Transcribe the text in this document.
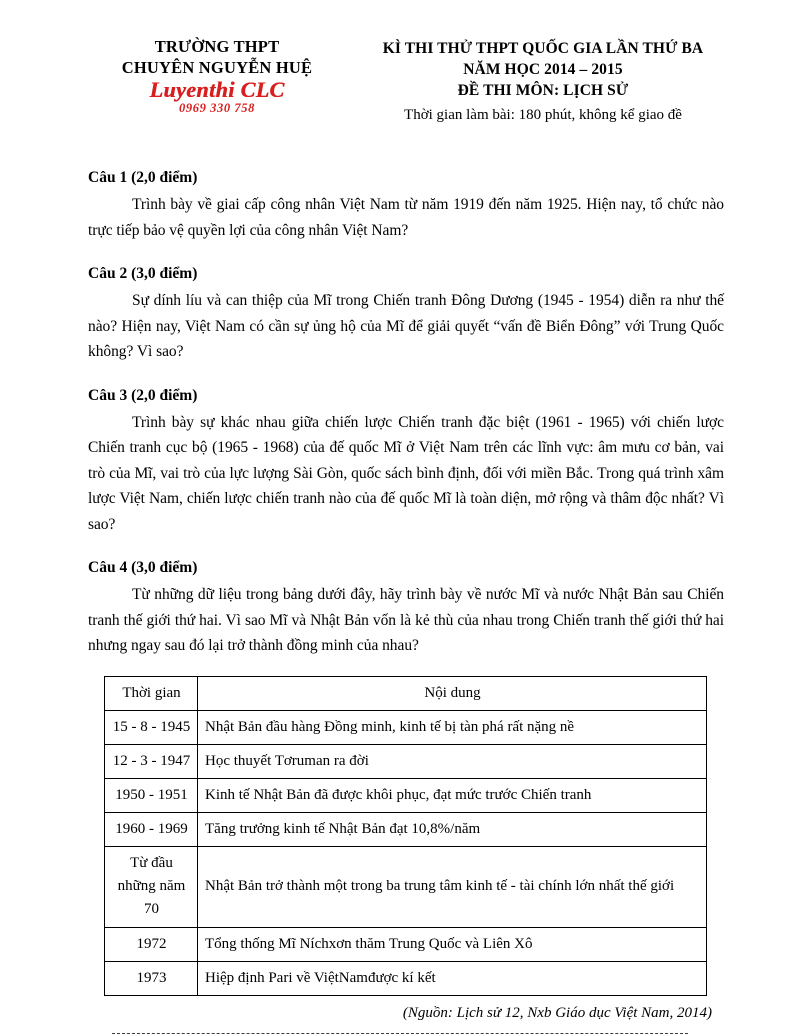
TRƯỜNG THPT
CHUYÊN NGUYỄN HUỆ
Luyenthi CLC
0969 330 758
KÌ THI THỬ THPT QUỐC GIA LẦN THỨ BA
NĂM HỌC 2014 – 2015
ĐỀ THI MÔN: LỊCH SỬ
Thời gian làm bài: 180 phút, không kể giao đề
Câu 1 (2,0 điểm)
Trình bày về giai cấp công nhân Việt Nam từ năm 1919 đến năm 1925. Hiện nay, tổ chức nào trực tiếp bảo vệ quyền lợi của công nhân Việt Nam?
Câu 2 (3,0 điểm)
Sự dính líu và can thiệp của Mĩ trong Chiến tranh Đông Dương (1945 - 1954) diễn ra như thế nào? Hiện nay, Việt Nam có cần sự ủng hộ của Mĩ để giải quyết “vấn đề Biển Đông” với Trung Quốc không? Vì sao?
Câu 3 (2,0 điểm)
Trình bày sự khác nhau giữa chiến lược Chiến tranh đặc biệt (1961 - 1965) với chiến lược Chiến tranh cục bộ (1965 - 1968) của đế quốc Mĩ ở Việt Nam trên các lĩnh vực: âm mưu cơ bản, vai trò của Mĩ, vai trò của lực lượng Sài Gòn, quốc sách bình định, đối với miền Bắc. Trong quá trình xâm lược Việt Nam, chiến lược chiến tranh nào của đế quốc Mĩ là toàn diện, mở rộng và thâm độc nhất? Vì sao?
Câu 4 (3,0 điểm)
Từ những dữ liệu trong bảng dưới đây, hãy trình bày về nước Mĩ và nước Nhật Bản sau Chiến tranh thế giới thứ hai. Vì sao Mĩ và Nhật Bản vốn là kẻ thù của nhau trong Chiến tranh thế giới thứ hai nhưng ngay sau đó lại trở thành đồng minh của nhau?
Thời gian	Nội dung
15 - 8 - 1945	Nhật Bản đầu hàng Đồng minh, kinh tế bị tàn phá rất nặng nề
12 - 3 - 1947	Học thuyết Tơruman ra đời
1950 - 1951	Kinh tế Nhật Bản đã được khôi phục, đạt mức trước Chiến tranh
1960 - 1969	Tăng trưởng kinh tế Nhật Bản đạt 10,8%/năm
Từ đầu những năm 70	Nhật Bản trở thành một trong ba trung tâm kinh tế - tài chính lớn nhất thế giới
1972	Tổng thống Mĩ Níchxơn thăm Trung Quốc và Liên Xô
1973	Hiệp định Pari về ViệtNamđược kí kết
(Nguồn: Lịch sử 12, Nxb Giáo dục Việt Nam, 2014)
